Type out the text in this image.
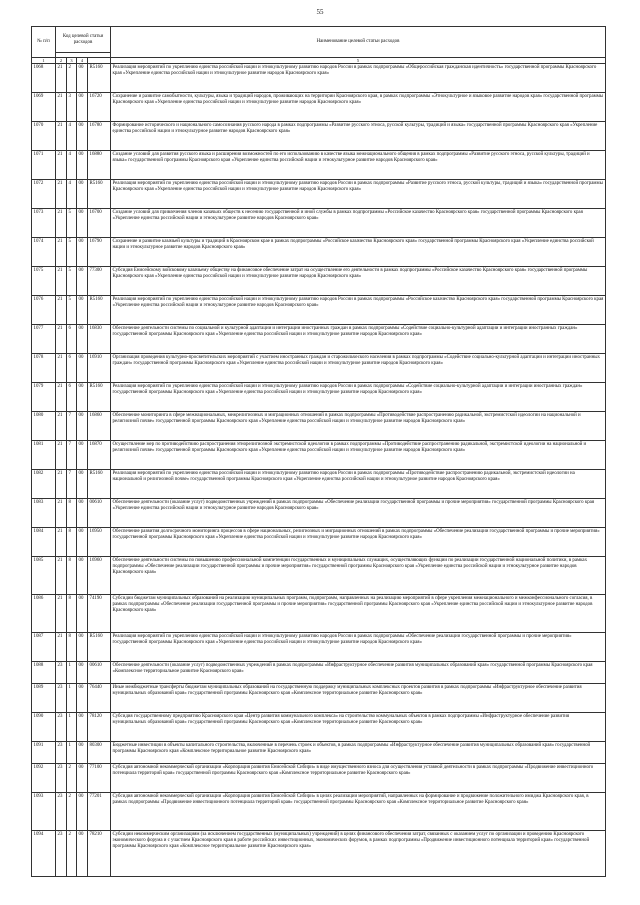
55
№ п/п	Код целевой статьи расходов				Наименование целевой статьи расходов

1	2	3	4		5
1068	21	2	00	R5160	Реализация мероприятий по укреплению единства российской нации и этнокультурному развитию народов России в рамках подпрограммы «Общероссийская гражданская идентичность» государственной программы Красноярского края «Укрепление единства российской нации и этнокультурное развитие народов Красноярского края»
1069	21	3	00	16720	Сохранение и развитие самобытности, культуры, языка и традиций народов, проживающих на территории Красноярского края, в рамках подпрограммы «Этнокультурное и языковое развитие народов края» государственной программы Красноярского края «Укрепление единства российской нации и этнокультурное развитие народов Красноярского края»
1070	21	4	00	16780	Формирование исторического и национального самосознания русского народа в рамках подпрограммы «Развитие русского этноса, русской культуры, традиций и языка» государственной программы Красноярского края «Укрепление единства российской нации и этнокультурное развитие народов Красноярского края»
1071	21	4	00	16880	Создание условий для развития русского языка и расширения возможностей по его использованию в качестве языка межнационального общения в рамках подпрограммы «Развитие русского этноса, русской культуры, традиций и языка» государственной программы Красноярского края «Укрепление единства российской нации и этнокультурное развитие народов Красноярского края»
1072	21	4	00	R5160	Реализация мероприятий по укреплению единства российской нации и этнокультурному развитию народов России в рамках подпрограммы «Развитие русского этноса, русской культуры, традиций и языка» государственной программы Красноярского края «Укрепление единства российской нации и этнокультурное развитие народов Красноярского края»
1073	21	5	00	16700	Создание условий для привлечения членов казачьих обществ к несению государственной и иной службы в рамках подпрограммы «Российское казачество Красноярского края» государственной программы Красноярского края «Укрепление единства российской нации и этнокультурное развитие народов Красноярского края»
1074	21	5	00	16790	Сохранение и развитие казачьей культуры и традиций в Красноярском крае в рамках подпрограммы «Российское казачество Красноярского края» государственной программы Красноярского края «Укрепление единства российской нации и этнокультурное развитие народов Красноярского края»
1075	21	5	00	77300	Субсидия Енисейскому войсковому казачьему обществу на финансовое обеспечение затрат на осуществление его деятельности в рамках подпрограммы «Российское казачество Красноярского края» государственной программы Красноярского края «Укрепление единства российской нации и этнокультурное развитие народов Красноярского края»
1076	21	5	00	R5160	Реализация мероприятий по укреплению единства российской нации и этнокультурному развитию народов России в рамках подпрограммы «Российское казачество Красноярского края» государственной программы Красноярского края «Укрепление единства российской нации и этнокультурное развитие народов Красноярского края»
1077	21	6	00	16830	Обеспечение деятельности системы по социальной и культурной адаптации и интеграции иностранных граждан в рамках подпрограммы «Содействие социально-культурной адаптации и интеграции иностранных граждан» государственной программы Красноярского края «Укрепление единства российской нации и этнокультурное развитие народов Красноярского края»
1078	21	6	00	16910	Организация проведения культурно-просветительских мероприятий с участием иностранных граждан и старожильческого населения в рамках подпрограммы «Содействие социально-культурной адаптации и интеграции иностранных граждан» государственной программы Красноярского края «Укрепление единства российской нации и этнокультурное развитие народов Красноярского края»
1079	21	6	00	R5160	Реализация мероприятий по укреплению единства российской нации и этнокультурному развитию народов России в рамках подпрограммы «Содействие социально-культурной адаптации и интеграции иностранных граждан» государственной программы Красноярского края «Укрепление единства российской нации и этнокультурное развитие народов Красноярского края»
1080	21	7	00	16860	Обеспечение мониторинга в сфере межнациональных, межрелигиозных и миграционных отношений в рамках подпрограммы «Противодействие распространению радикальной, экстремистской идеологии на национальной и религиозной почве» государственной программы Красноярского края «Укрепление единства российской нации и этнокультурное развитие народов Красноярского края»
1081	21	7	00	16870	Осуществление мер по противодействию распространения этнорелигиозной экстремистской идеологии в рамках подпрограммы «Противодействие распространению радикальной, экстремистской идеологии на национальной и религиозной почве» государственной программы Красноярского края «Укрепление единства российской нации и этнокультурное развитие народов Красноярского края»
1082	21	7	00	R5160	Реализация мероприятий по укреплению единства российской нации и этнокультурному развитию народов России в рамках подпрограммы «Противодействие распространению радикальной, экстремистской идеологии на национальной и религиозной почве» государственной программы Красноярского края «Укрепление единства российской нации и этнокультурное развитие народов Красноярского края»
1083	21	8	00	00610	Обеспечение деятельности (оказание услуг) подведомственных учреждений в рамках подпрограммы «Обеспечение реализации государственной программы и прочие мероприятия» государственной программы Красноярского края «Укрепление единства российской нации и этнокультурное развитие народов Красноярского края»
1084	21	8	00	16950	Обеспечение развития долгосрочного мониторинга процессов в сфере национальных, религиозных и миграционных отношений в рамках подпрограммы «Обеспечение реализации государственной программы и прочие мероприятия» государственной программы Красноярского края «Укрепление единства российской нации и этнокультурное развитие народов Красноярского края»
1085	21	8	00	16960	Обеспечение деятельности системы по повышению профессиональной компетенции государственных и муниципальных служащих, осуществляющих функции по реализации государственной национальной политики, в рамках подпрограммы «Обеспечение реализации государственной программы и прочие мероприятия» государственной программы Красноярского края «Укрепление единства российской нации и этнокультурное развитие народов Красноярского края»
1086	21	8	00	74190	Субсидии бюджетам муниципальных образований на реализацию муниципальных программ, подпрограмм, направленных на реализацию мероприятий в сфере укрепления межнационального и межконфессионального согласия, в рамках подпрограммы «Обеспечение реализации государственной программы и прочие мероприятия» государственной программы Красноярского края «Укрепление единства российской нации и этнокультурное развитие народов Красноярского края»
1087	21	8	00	R5160	Реализация мероприятий по укреплению единства российской нации и этнокультурному развитию народов России в рамках подпрограммы «Обеспечение реализации государственной программы и прочие мероприятия» государственной программы Красноярского края «Укрепление единства российской нации и этнокультурное развитие народов Красноярского края»
1088	23	1	00	00610	Обеспечение деятельности (оказание услуг) подведомственных учреждений в рамках подпрограммы «Инфраструктурное обеспечение развития муниципальных образований края» государственной программы Красноярского края «Комплексное территориальное развитие Красноярского края»
1089	23	1	00	76440	Иные межбюджетные трансферты бюджетам муниципальных образований на государственную поддержку муниципальных комплексных проектов развития в рамках подпрограммы «Инфраструктурное обеспечение развития муниципальных образований края» государственной программы Красноярского края «Комплексное территориальное развитие Красноярского края»
1090	23	1	00	78120	Субсидия государственному предприятию Красноярского края «Центр развития коммунального комплекса» на строительство коммунальных объектов в рамках подпрограммы «Инфраструктурное обеспечение развития муниципальных образований края» государственной программы Красноярского края «Комплексное территориальное развитие Красноярского края»
1091	23	1	00	80300	Бюджетные инвестиции в объекты капитального строительства, включенные в перечень строек и объектов, в рамках подпрограммы «Инфраструктурное обеспечение развития муниципальных образований края» государственной программы Красноярского края «Комплексное территориальное развитие Красноярского края»
1092	23	2	00	77100	Субсидия автономной некоммерческой организации «Корпорация развития Енисейской Сибири» в виде имущественного взноса для осуществления уставной деятельности в рамках подпрограммы «Продвижение инвестиционного потенциала территорий края» государственной программы Красноярского края «Комплексное территориальное развитие Красноярского края»
1093	23	2	00	77201	Субсидия автономной некоммерческой организации «Корпорация развития Енисейской Сибири» в целях реализации мероприятий, направленных на формирование и продвижение положительного имиджа Красноярского края, в рамках подпрограммы «Продвижение инвестиционного потенциала территорий края» государственной программы Красноярского края «Комплексное территориальное развитие Красноярского края»
1094	23	2	00	78210	Субсидии некоммерческим организациям (за исключением государственных (муниципальных) учреждений) в целях финансового обеспечения затрат, связанных с оказанием услуг по организации и проведению Красноярского экономического форума и с участием Красноярского края в работе российских инвестиционных, экономических форумов, в рамках подпрограммы «Продвижение инвестиционного потенциала территорий края» государственной программы Красноярского края «Комплексное территориальное развитие Красноярского края»
